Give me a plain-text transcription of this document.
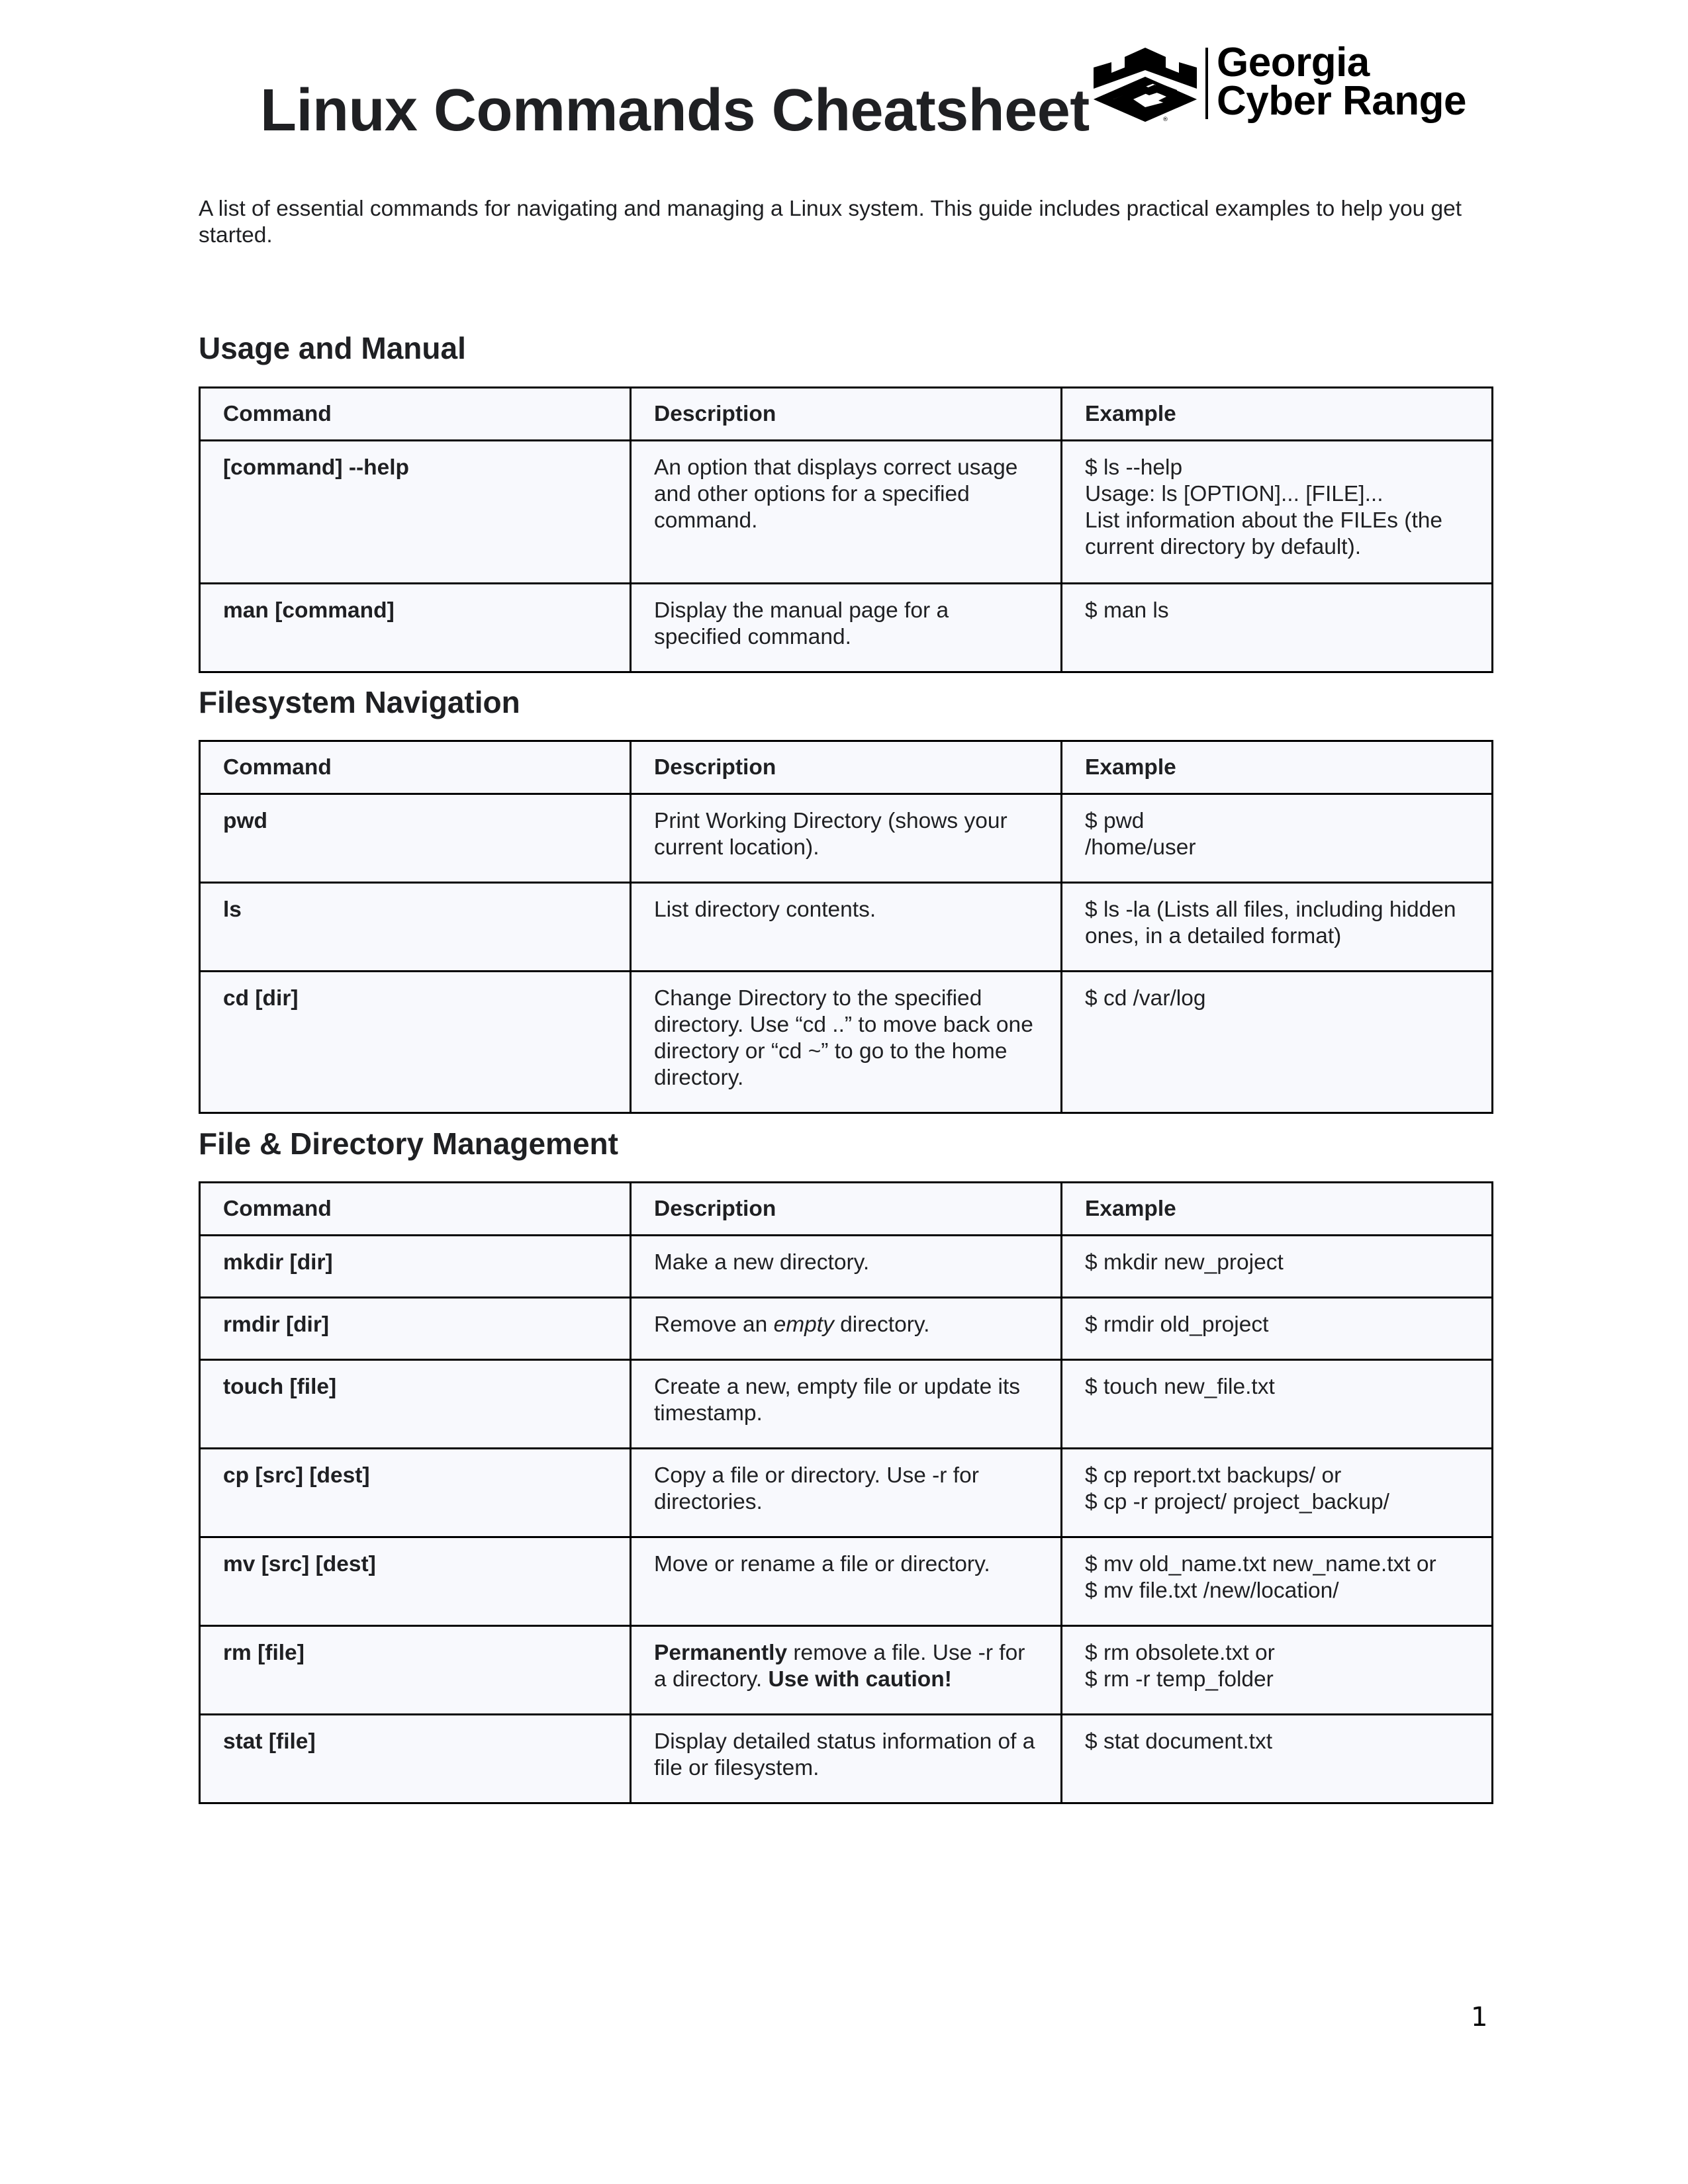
Linux Commands Cheatsheet	®
Georgia
Cyber Range

A list of essential commands for navigating and managing a Linux system. This guide includes practical examples to help you get started.

Usage and Manual
Command	Description	Example
[command] --help	An option that displays correct usage and other options for a specified command.	$ ls --help
Usage: ls [OPTION]... [FILE]...
List information about the FILEs (the current directory by default).

man [command]	Display the manual page for a specified command.	$ man ls
Filesystem Navigation
Command	Description	Example
pwd	Print Working Directory (shows your current location).	$ pwd
/home/user

ls	List directory contents.	$ ls -la (Lists all files, including hidden ones, in a detailed format)

cd [dir]	Change Directory to the specified directory. Use “cd ..” to move back one directory or “cd ~” to go to the home directory.	$ cd /var/log
File & Directory Management
Command	Description	Example
mkdir [dir]	Make a new directory.	$ mkdir new_project

rmdir [dir]	Remove an empty directory.	$ rmdir old_project

touch [file]	Create a new, empty file or update its timestamp.	$ touch new_file.txt

cp [src] [dest]	Copy a file or directory. Use -r for directories.	$ cp report.txt backups/ or
$ cp -r project/ project_backup/

mv [src] [dest]	Move or rename a file or directory.	$ mv old_name.txt new_name.txt or
$ mv file.txt /new/location/

rm [file]	Permanently remove a file. Use -r for a directory. Use with caution!	$ rm obsolete.txt or
$ rm -r temp_folder

stat [file]	Display detailed status information of a file or filesystem.	$ stat document.txt
1
